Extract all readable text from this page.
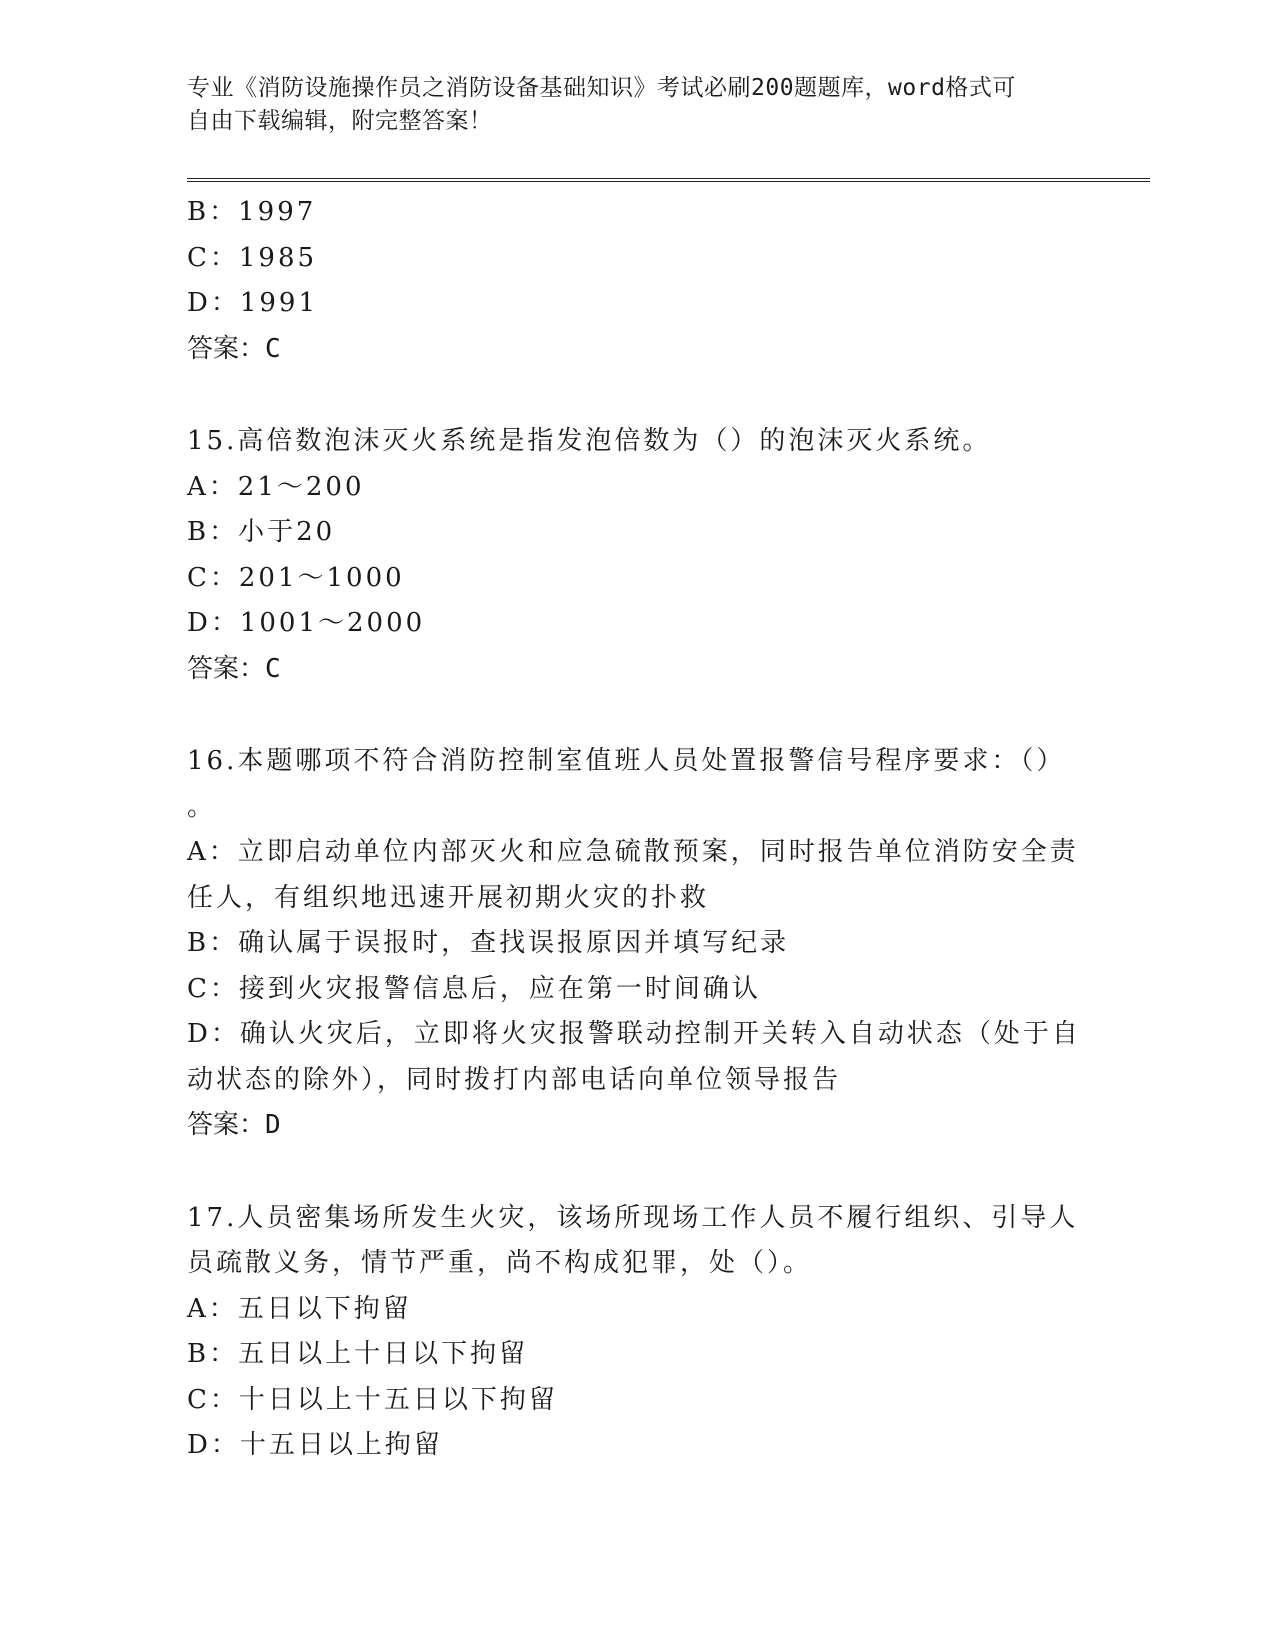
专业《消防设施操作员之消防设备基础知识》考试必刷200题题库，word格式可
自由下载编辑，附完整答案！
B：1997
C：1985
D：1991
答案：C
15.高倍数泡沫灭火系统是指发泡倍数为（）的泡沫灭火系统。
A：21～200
B：小于20
C：201～1000
D：1001～2000
答案：C
16.本题哪项不符合消防控制室值班人员处置报警信号程序要求：（）
。
A：立即启动单位内部灭火和应急硫散预案，同时报告单位消防安全责
任人，有组织地迅速开展初期火灾的扑救
B：确认属于误报时，查找误报原因并填写纪录
C：接到火灾报警信息后，应在第一时间确认
D：确认火灾后，立即将火灾报警联动控制开关转入自动状态（处于自
动状态的除外），同时拨打内部电话向单位领导报告
答案：D
17.人员密集场所发生火灾，该场所现场工作人员不履行组织、引导人
员疏散义务，情节严重，尚不构成犯罪，处（）。
A：五日以下拘留
B：五日以上十日以下拘留
C：十日以上十五日以下拘留
D：十五日以上拘留
